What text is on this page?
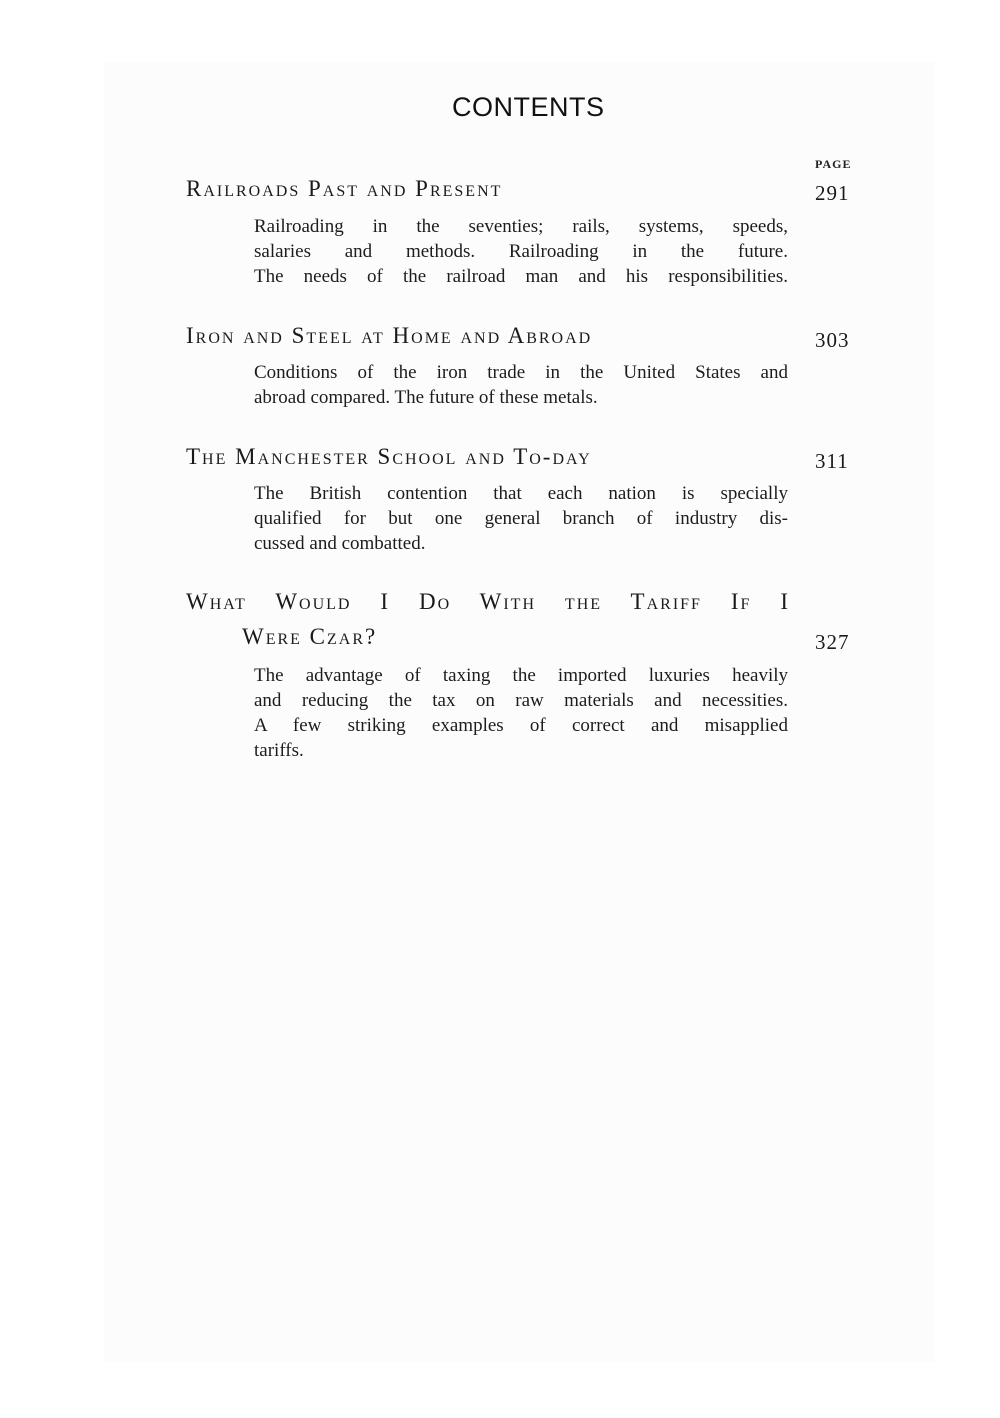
CONTENTS
PAGE
Railroads Past and Present	291
Railroading in the seventies; rails, systems, speeds,
salaries and methods. Railroading in the future.
The needs of the railroad man and his responsibilities.
Iron and Steel at Home and Abroad	303
Conditions of the iron trade in the United States and
abroad compared. The future of these metals.
The Manchester School and To-day	311
The British contention that each nation is specially
qualified for but one general branch of industry dis-
cussed and combatted.
What Would I Do With the Tariff If I
Were Czar?	327
The advantage of taxing the imported luxuries heavily
and reducing the tax on raw materials and necessities.
A few striking examples of correct and misapplied
tariffs.
